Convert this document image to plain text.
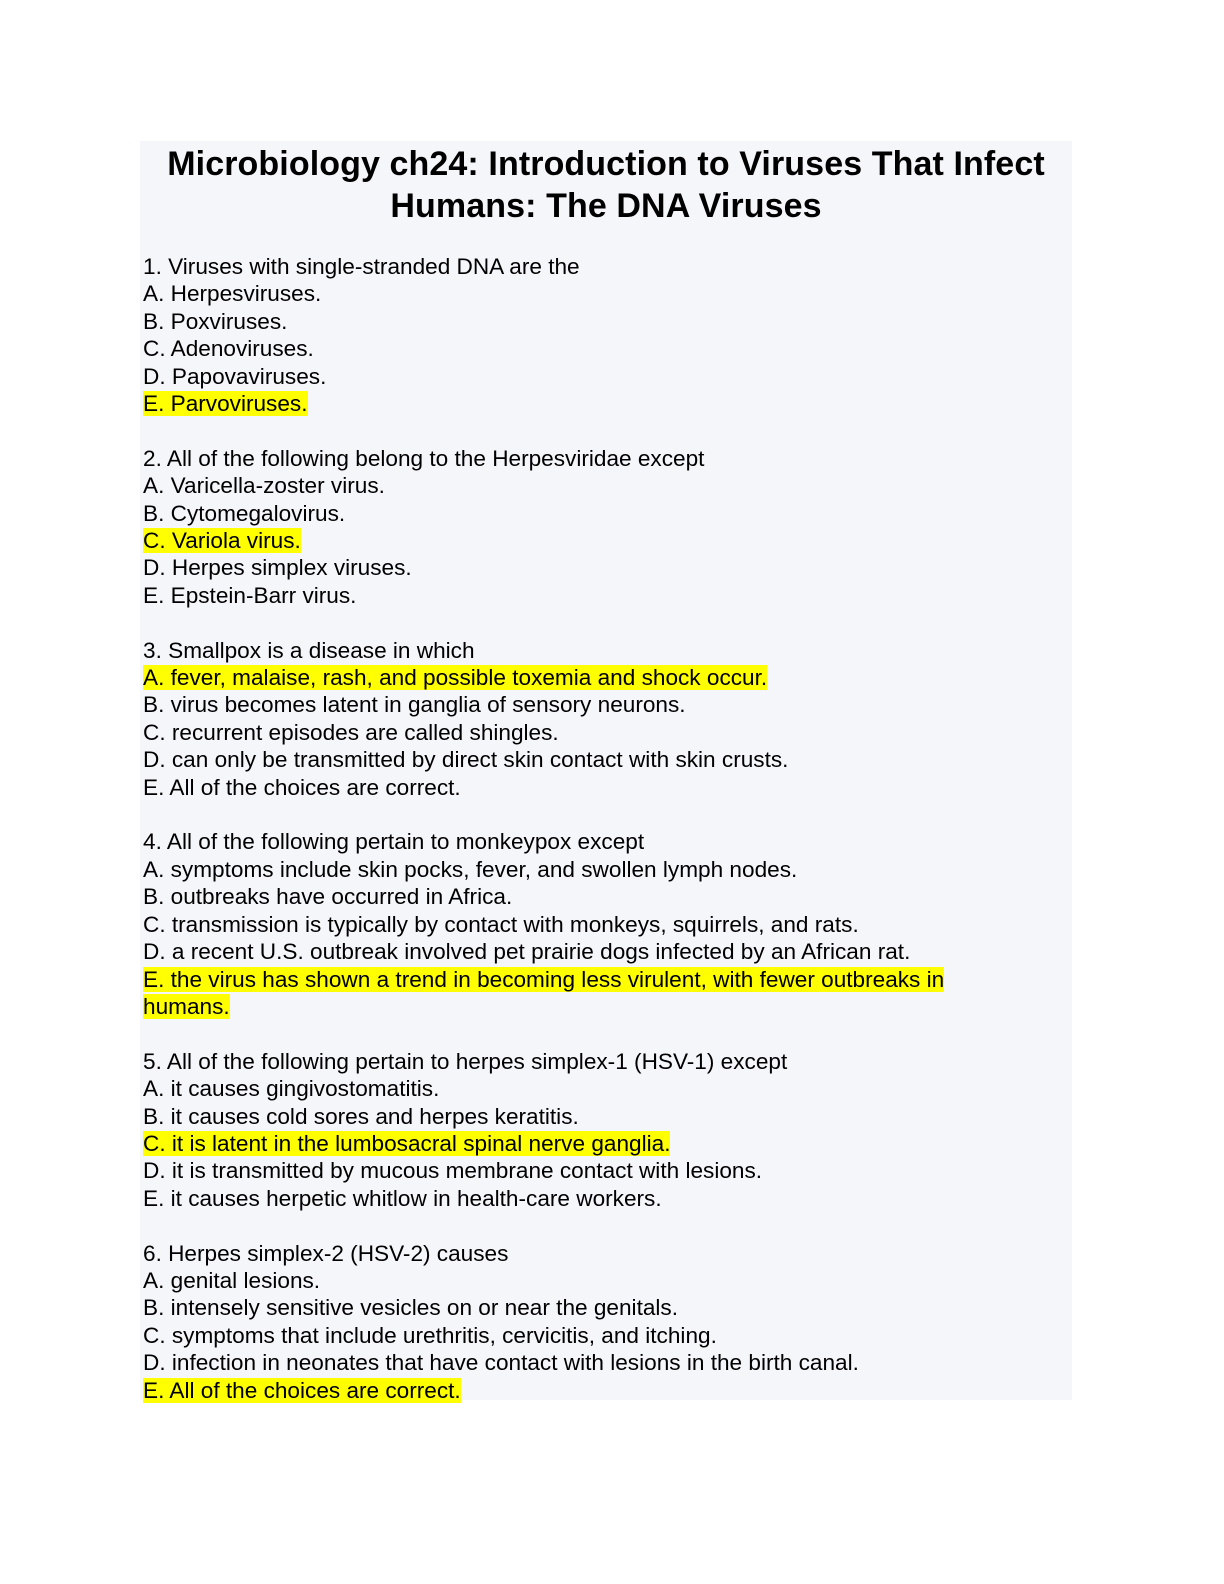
Microbiology ch24: Introduction to Viruses That Infect
Humans: The DNA Viruses
1. Viruses with single-stranded DNA are the
A. Herpesviruses.
B. Poxviruses.
C. Adenoviruses.
D. Papovaviruses.
E. Parvoviruses.
2. All of the following belong to the Herpesviridae except
A. Varicella-zoster virus.
B. Cytomegalovirus.
C. Variola virus.
D. Herpes simplex viruses.
E. Epstein-Barr virus.
3. Smallpox is a disease in which
A. fever, malaise, rash, and possible toxemia and shock occur.
B. virus becomes latent in ganglia of sensory neurons.
C. recurrent episodes are called shingles.
D. can only be transmitted by direct skin contact with skin crusts.
E. All of the choices are correct.
4. All of the following pertain to monkeypox except
A. symptoms include skin pocks, fever, and swollen lymph nodes.
B. outbreaks have occurred in Africa.
C. transmission is typically by contact with monkeys, squirrels, and rats.
D. a recent U.S. outbreak involved pet prairie dogs infected by an African rat.
E. the virus has shown a trend in becoming less virulent, with fewer outbreaks in humans.
5. All of the following pertain to herpes simplex-1 (HSV-1) except
A. it causes gingivostomatitis.
B. it causes cold sores and herpes keratitis.
C. it is latent in the lumbosacral spinal nerve ganglia.
D. it is transmitted by mucous membrane contact with lesions.
E. it causes herpetic whitlow in health-care workers.
6. Herpes simplex-2 (HSV-2) causes
A. genital lesions.
B. intensely sensitive vesicles on or near the genitals.
C. symptoms that include urethritis, cervicitis, and itching.
D. infection in neonates that have contact with lesions in the birth canal.
E. All of the choices are correct.
